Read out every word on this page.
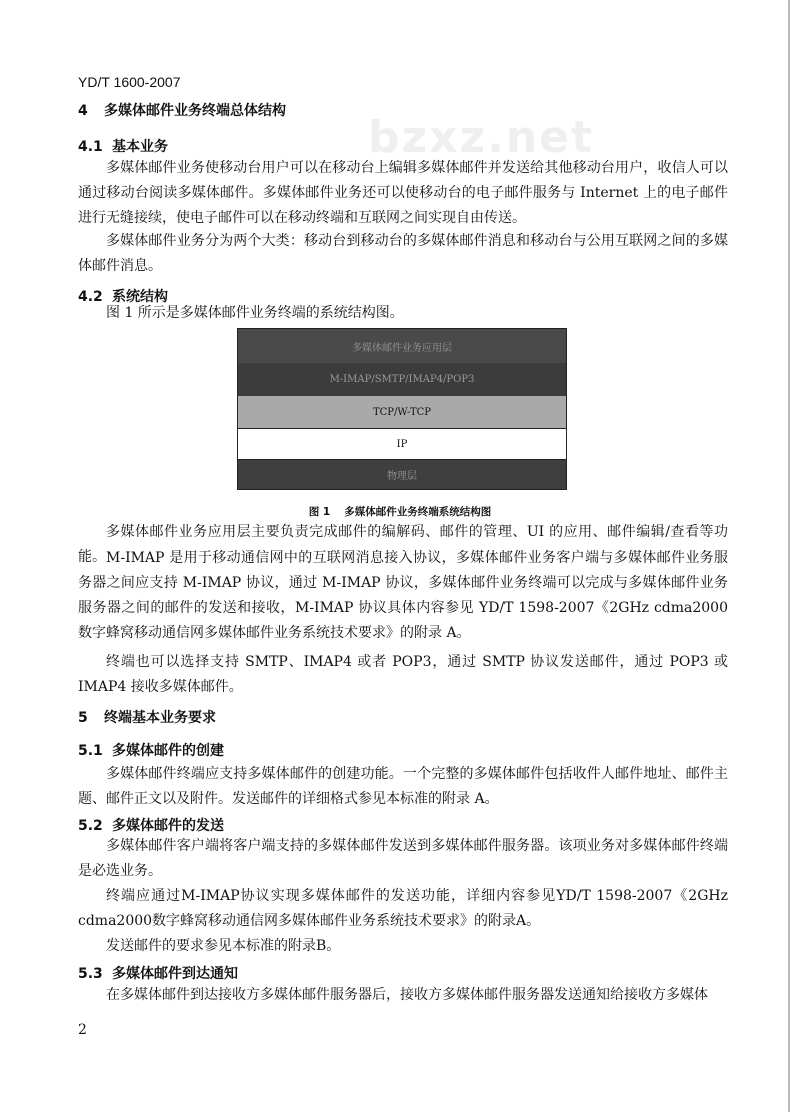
bzxz.net
YD/T 1600-2007
4 多媒体邮件业务终端总体结构
4.1 基本业务

多媒体邮件业务使移动台用户可以在移动台上编辑多媒体邮件并发送给其他移动台用户，收信人可以通过移动台阅读多媒体邮件。多媒体邮件业务还可以使移动台的电子邮件服务与 Internet 上的电子邮件进行无缝接续，使电子邮件可以在移动终端和互联网之间实现自由传送。

多媒体邮件业务分为两个大类：移动台到移动台的多媒体邮件消息和移动台与公用互联网之间的多媒体邮件消息。

4.2 系统结构

图 1 所示是多媒体邮件业务终端的系统结构图。

多媒体邮件业务应用层
M-IMAP/SMTP/IMAP4/POP3
TCP/W-TCP
IP
物理层
图 1 多媒体邮件业务终端系统结构图

多媒体邮件业务应用层主要负责完成邮件的编解码、邮件的管理、UI 的应用、邮件编辑/查看等功能。 M-IMAP 是用于移动通信网中的互联网消息接入协议，多媒体邮件业务客户端与多媒体邮件业务服务器之间应支持 M-IMAP 协议，通过 M-IMAP 协议，多媒体邮件业务终端可以完成与多媒体邮件业务服务器之间的邮件的发送和接收，M-IMAP 协议具体内容参见 YD/T 1598-2007《2GHz cdma2000 数字蜂窝移动通信网多媒体邮件业务系统技术要求》的附录 A。

终端也可以选择支持 SMTP、IMAP4 或者 POP3，通过 SMTP 协议发送邮件，通过 POP3 或 IMAP4 接收多媒体邮件。

5 终端基本业务要求
5.1 多媒体邮件的创建

多媒体邮件终端应支持多媒体邮件的创建功能。一个完整的多媒体邮件包括收件人邮件地址、邮件主题、邮件正文以及附件。发送邮件的详细格式参见本标准的附录 A。

5.2 多媒体邮件的发送

多媒体邮件客户端将客户端支持的多媒体邮件发送到多媒体邮件服务器。该项业务对多媒体邮件终端是必选业务。

终端应通过M-IMAP协议实现多媒体邮件的发送功能，详细内容参见YD/T 1598-2007《2GHz cdma2000数字蜂窝移动通信网多媒体邮件业务系统技术要求》的附录A。

发送邮件的要求参见本标准的附录B。

5.3 多媒体邮件到达通知

在多媒体邮件到达接收方多媒体邮件服务器后，接收方多媒体邮件服务器发送通知给接收方多媒体

2
